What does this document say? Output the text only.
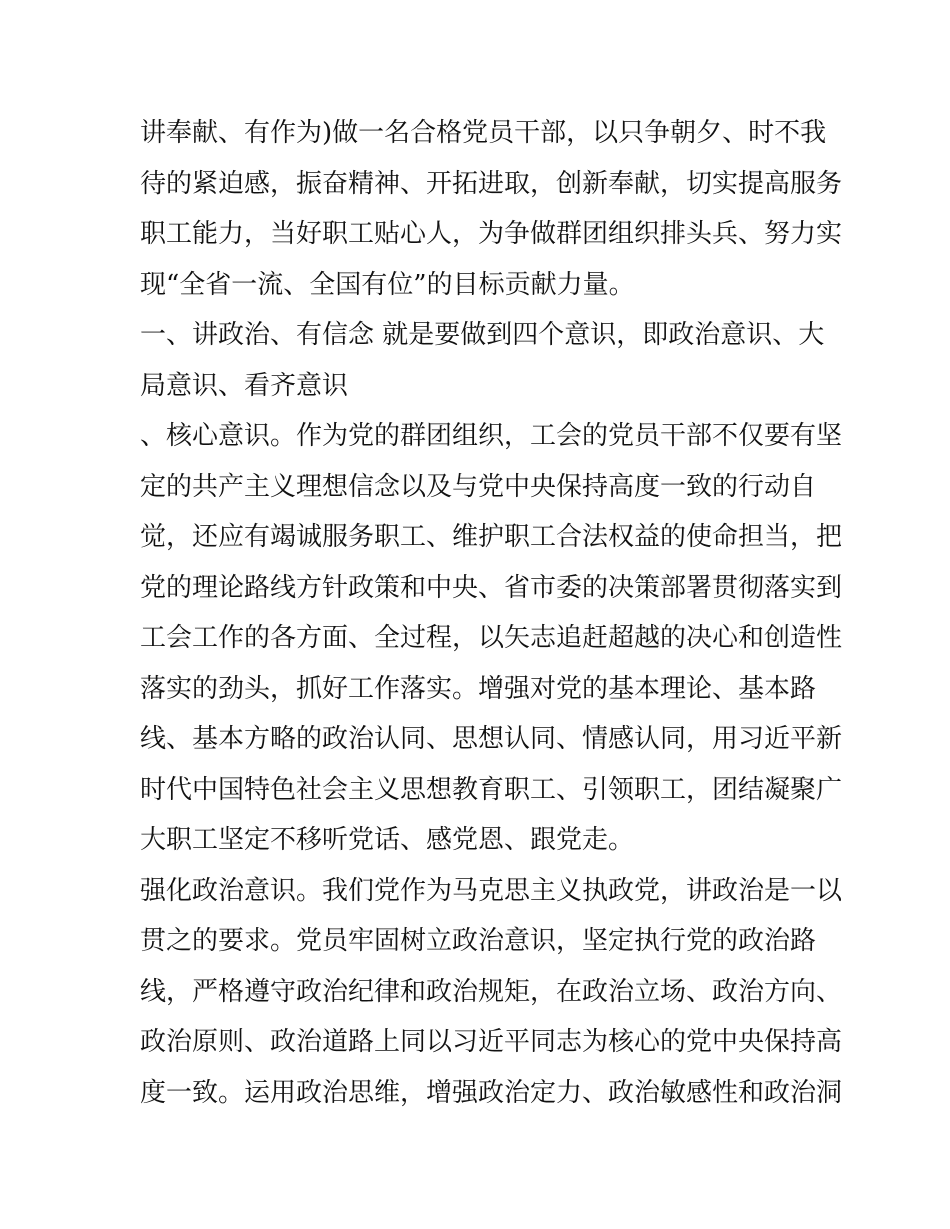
讲奉献、有作为)做一名合格党员干部，以只争朝夕、时不我
待的紧迫感，振奋精神、开拓进取，创新奉献，切实提高服务
职工能力，当好职工贴心人，为争做群团组织排头兵、努力实
现“全省一流、全国有位”的目标贡献力量。
一、讲政治、有信念 就是要做到四个意识，即政治意识、大
局意识、看齐意识
、核心意识。作为党的群团组织，工会的党员干部不仅要有坚
定的共产主义理想信念以及与党中央保持高度一致的行动自
觉，还应有竭诚服务职工、维护职工合法权益的使命担当，把
党的理论路线方针政策和中央、省市委的决策部署贯彻落实到
工会工作的各方面、全过程，以矢志追赶超越的决心和创造性
落实的劲头，抓好工作落实。增强对党的基本理论、基本路
线、基本方略的政治认同、思想认同、情感认同，用习近平新
时代中国特色社会主义思想教育职工、引领职工，团结凝聚广
大职工坚定不移听党话、感党恩、跟党走。
强化政治意识。我们党作为马克思主义执政党，讲政治是一以
贯之的要求。党员牢固树立政治意识，坚定执行党的政治路
线，严格遵守政治纪律和政治规矩，在政治立场、政治方向、
政治原则、政治道路上同以习近平同志为核心的党中央保持高
度一致。运用政治思维，增强政治定力、政治敏感性和政治洞
